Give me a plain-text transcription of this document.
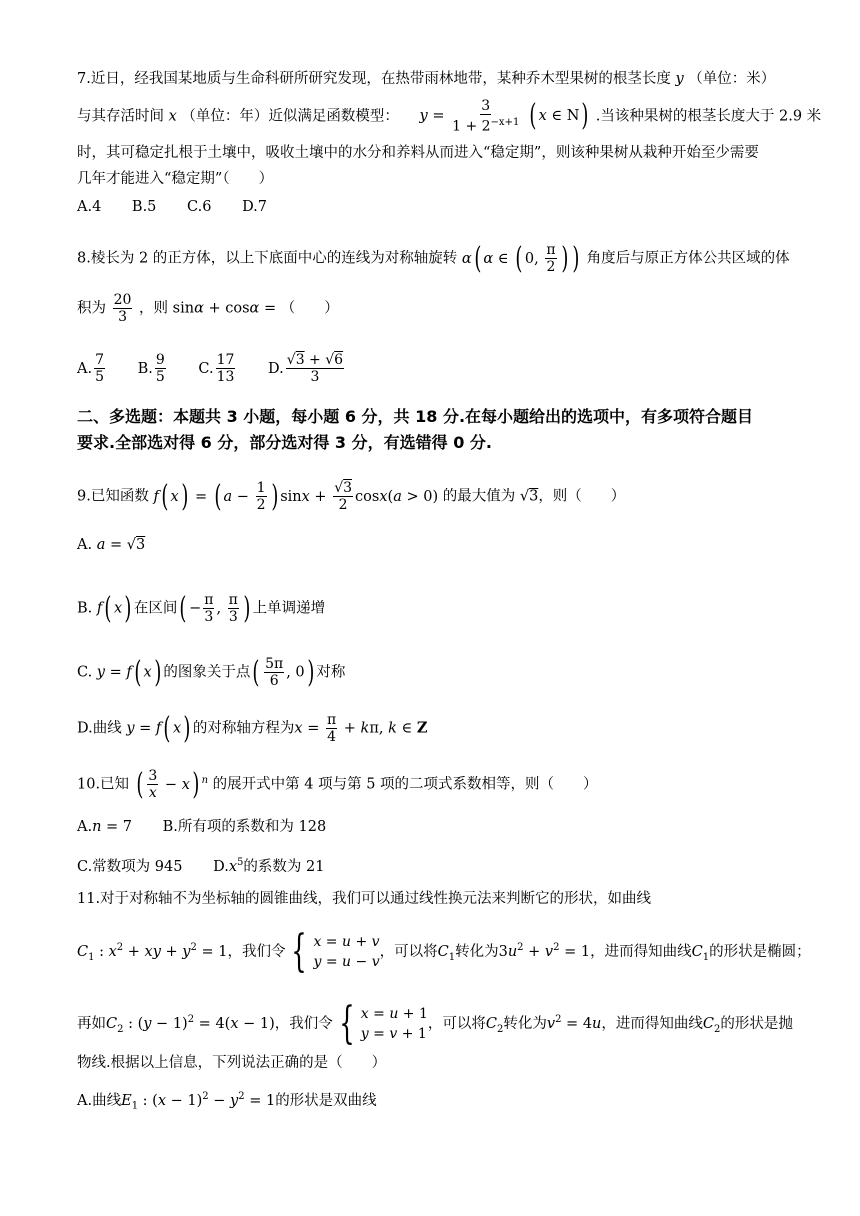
7.近日，经我国某地质与生命科研所研究发现，在热带雨林地带，某种乔木型果树的根茎长度 y （单位：米）
与其存活时间 x （单位：年）近似满足函数模型： $y = \frac{3}{1 + 2^{-x+1}}$ ( x ∈ N) .当该种果树的根茎长度大于 2.9 米
时，其可稳定扎根于土壤中，吸收土壤中的水分和养料从而进入“稳定期”，则该种果树从栽种开始至少需要
几年才能进入“稳定期”（　　）
A.4 B.5 C.6 D.7
8.棱长为 2 的正方体，以上下底面中心的连线为对称轴旋转 α( α ∈ ( 0, $\frac{\pi}{2}$ ) ) 角度后与原正方体公共区域的体
积为 $\frac{20}{3}$ ，则 sinα + cosα = （　　）
A. $\frac{7}{5} B$. $\frac{9}{5} C$. $\frac{17}{13} D$. $\frac{√3 + √6}{3}$
二、多选题：本题共 3 小题，每小题 6 分，共 18 分.在每小题给出的选项中，有多项符合题目
要求.全部选对得 6 分，部分选对得 3 分，有选错得 0 分.
9.已知函数 f( x) = ( $a - \frac{1}{2}$ ) $\sin x + \frac{√3}{2} \cos x(a > 0)$ 的最大值为 √3，则（　　）
A. a = √3
B. f( x) 在区间( − $\frac{\pi}{3}$ , $\frac{\pi}{3}$ ) 上单调递增
C. y = f( x) 的图象关于点( $\frac{5\pi}{6}$ , 0) 对称
D.曲线 y = f( x) 的对称轴方程为$x = \frac{\pi}{4} + k\pi$, k ∈ Z
10.已知 ( $\frac{3}{x} - x$) $^n$ 的展开式中第 4 项与第 5 项的二项式系数相等，则（　　）
A.n = 7 B.所有项的系数和为 128
C.常数项为 945 $D.x^5$的系数为 21
11.对于对称轴不为坐标轴的圆锥曲线，我们可以通过线性换元法来判断它的形状，如曲线
$C_1$ : $x^2$ + xy + $y^2 = 1$，我们令 { x = u + v
y = u − v
，可以将$C_1$转化为$3u^2 + v^2 = 1$，进而得知曲线$C_1$的形状是椭圆；
再如$C_2$ : $(y - 1)^2 = 4(x - 1)$，我们令 { x = u + 1
y = v + 1
，可以将$C_2$转化为$v^2 = 4u$，进而得知曲线$C_2$的形状是抛
物线.根据以上信息，下列说法正确的是（　　）
A.曲线$E_1$ : $(x - 1)^2 - y^2 = 1$的形状是双曲线
